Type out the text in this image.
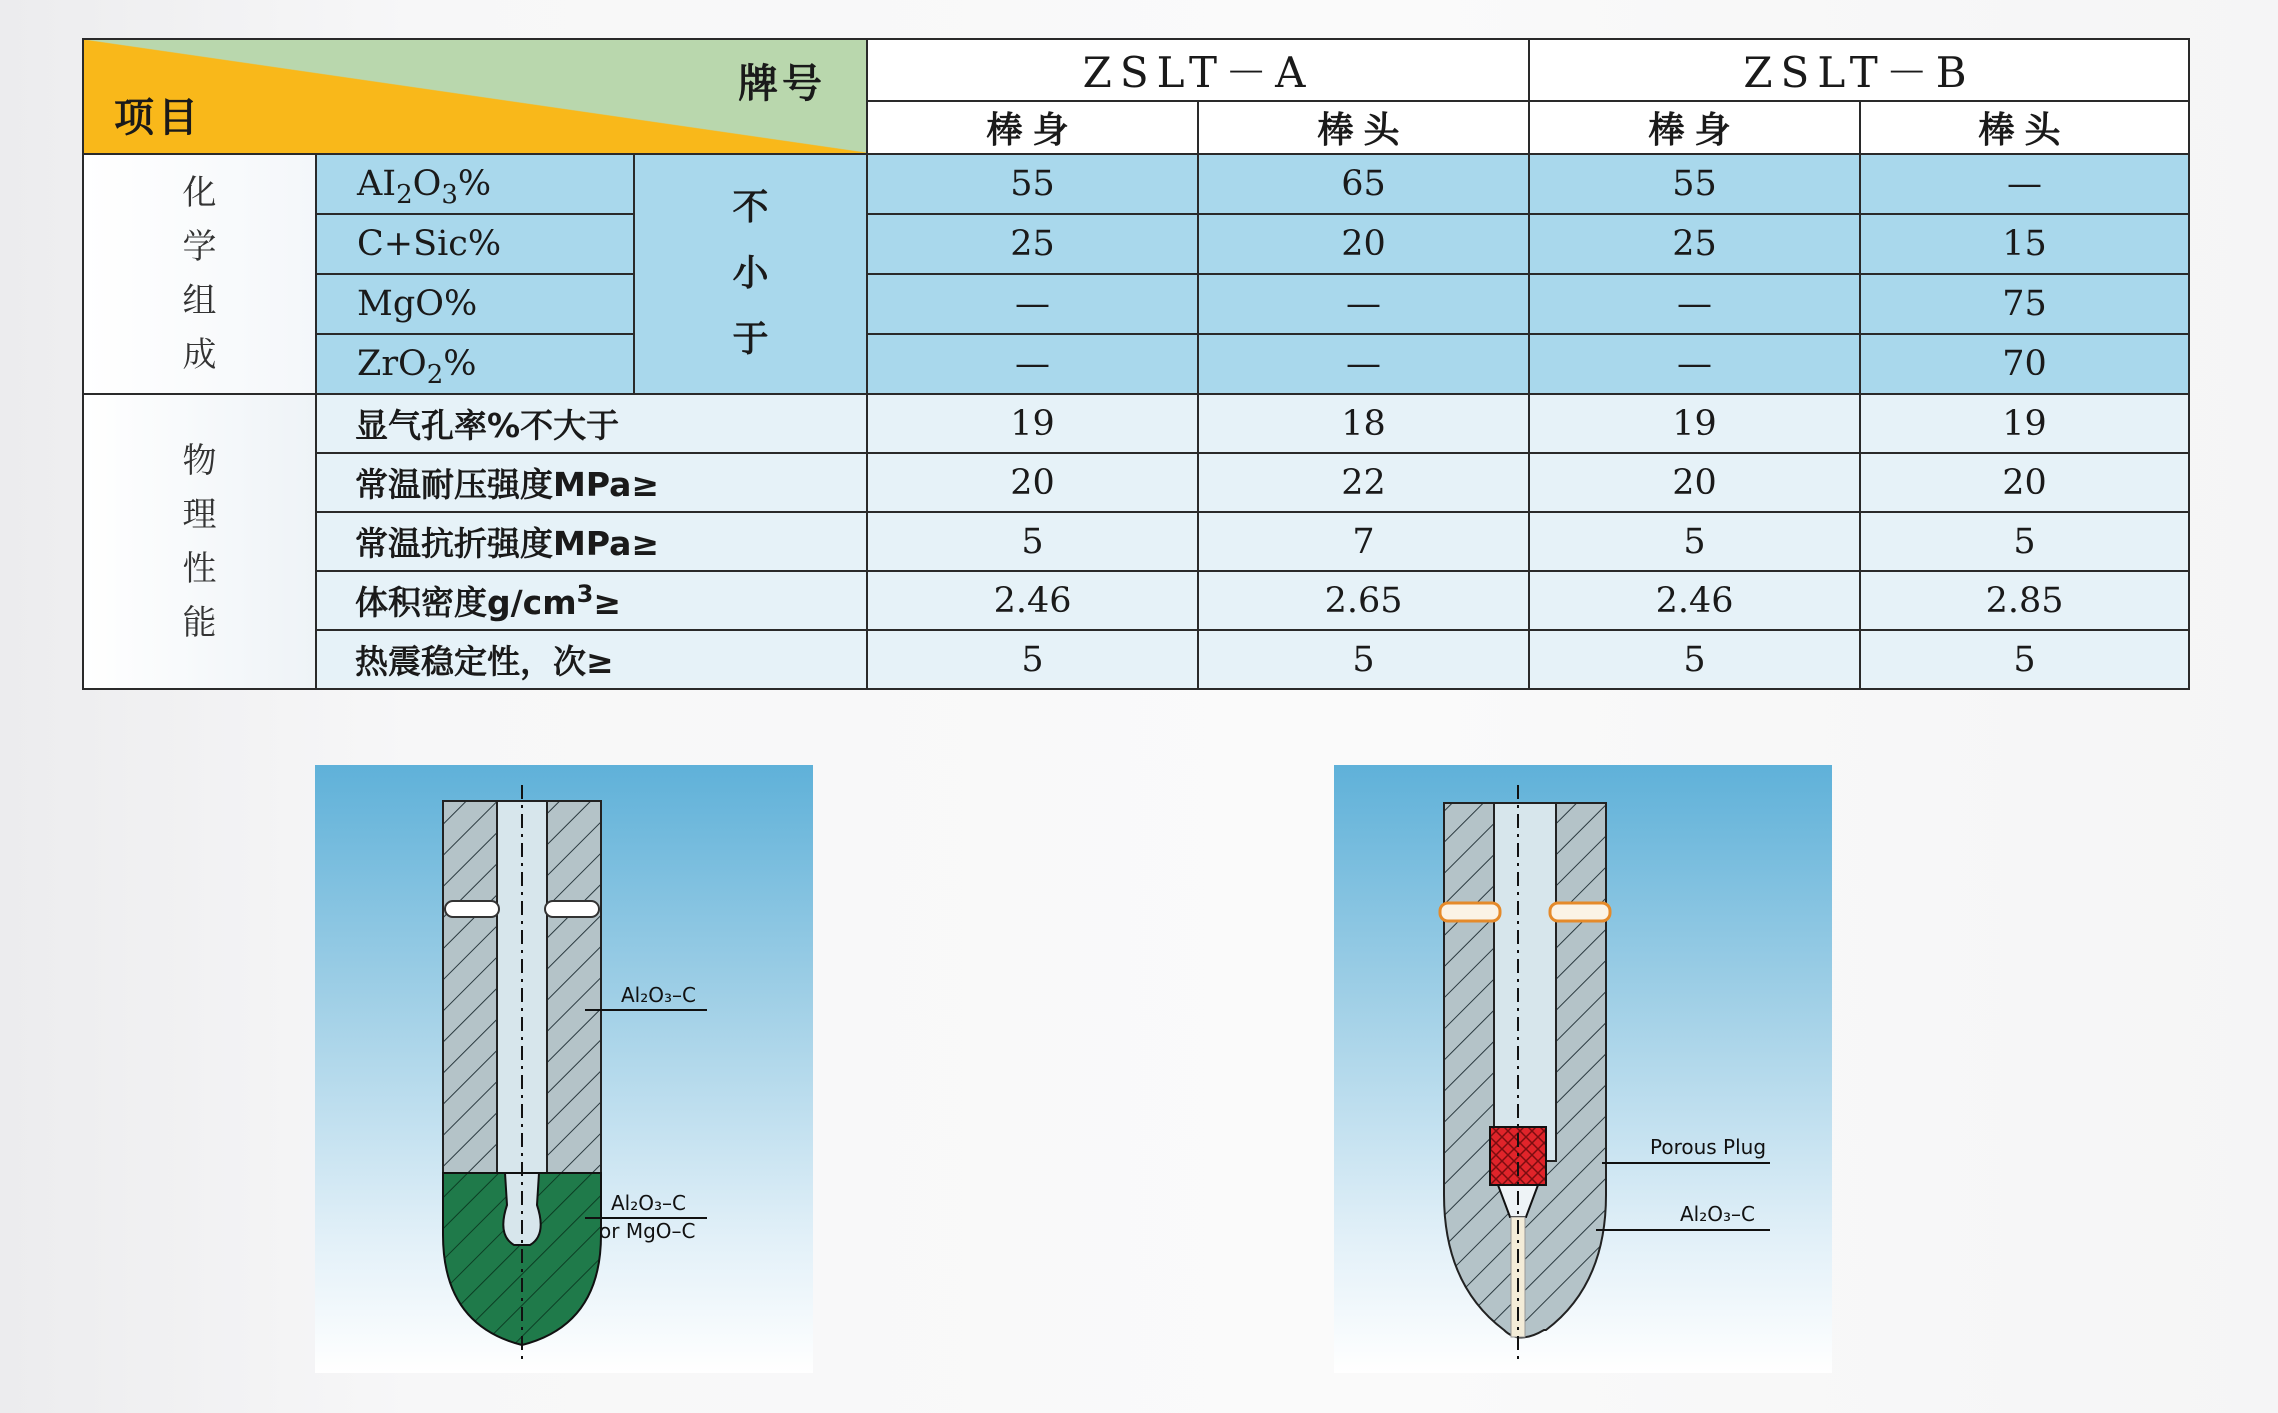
项目
牌号			ZSLT－A		ZSLT－B	
			棒身	棒头	棒身	棒头
化学组成	$AI_2O_3\%$	不小于	55	65	55	—
	C+Sic%		25	20	25	15
	MgO%		—	—	—	75
	ZrO$_2$%		—	—	—	70
物理性能	显气孔率%不大于		19	18	19	19
	常温耐压强度MPa≥		20	22	20	20
	常温抗折强度MPa≥		5	7	5	5
	体积密度$g/cm^3\ge$		2.46	2.65	2.46	2.85
	热震稳定性，次≥		5	5	5	5
Al₂O₃–C
Al₂O₃–C
or MgO–C
Porous Plug
Al₂O₃–C
